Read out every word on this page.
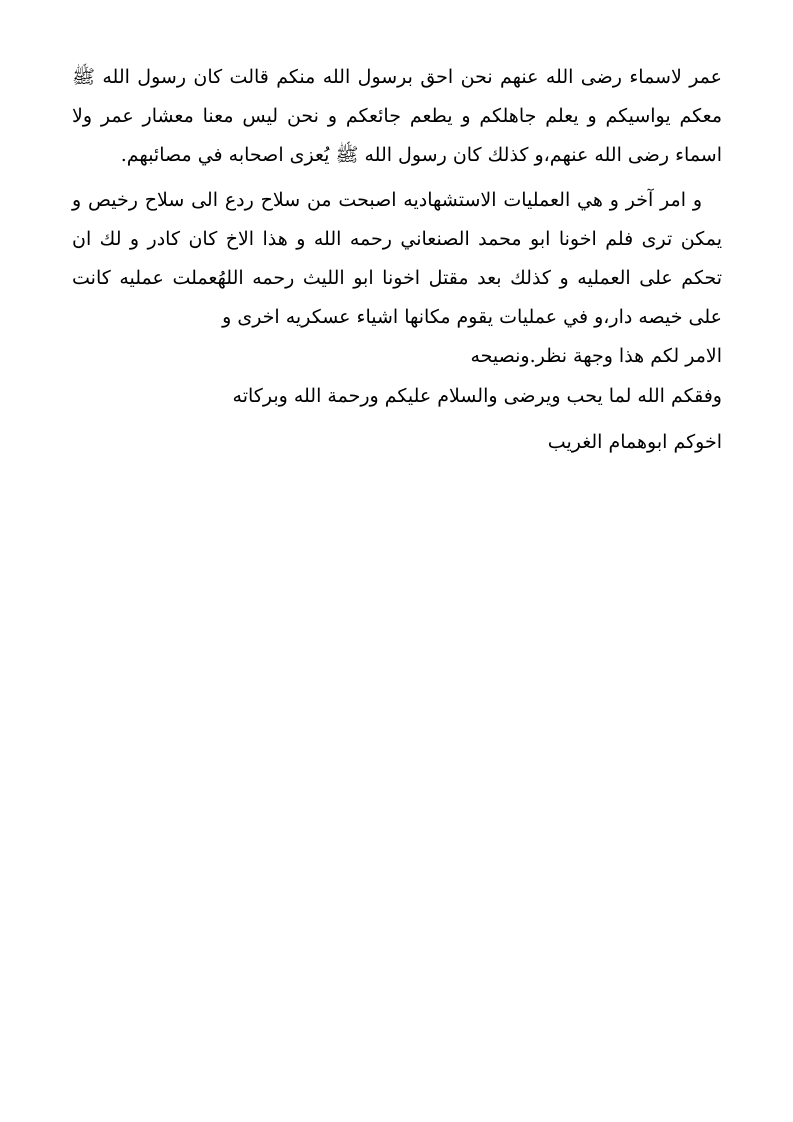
عمر لاسماء رضى الله عنهم نحن احق برسول الله منكم قالت كان رسول الله ﷺ معكم يواسيكم و يعلم جاهلكم و يطعم جائعكم و نحن ليس معنا معشار عمر ولا اسماء رضى الله عنهم،و كذلك كان رسول الله ﷺ يُعزى اصحابه في مصائبهم.

و امر آخر و هي العمليات الاستشهاديه اصبحت من سلاح ردع الى سلاح رخيص و يمكن ترى فلم اخونا ابو محمد الصنعاني رحمه الله و هذا الاخ كان كادر و لك ان تحكم على العمليه و كذلك بعد مقتل اخونا ابو الليث رحمه اللهُعملت عمليه كانت على خيصه دار،و في عمليات يقوم مكانها اشياء عسكريه اخرى و

الامر لكم هذا وجهة نظر.ونصيحه

وفقكم الله لما يحب ويرضى والسلام عليكم ورحمة الله وبركاته

اخوكم ابوهمام الغريب
